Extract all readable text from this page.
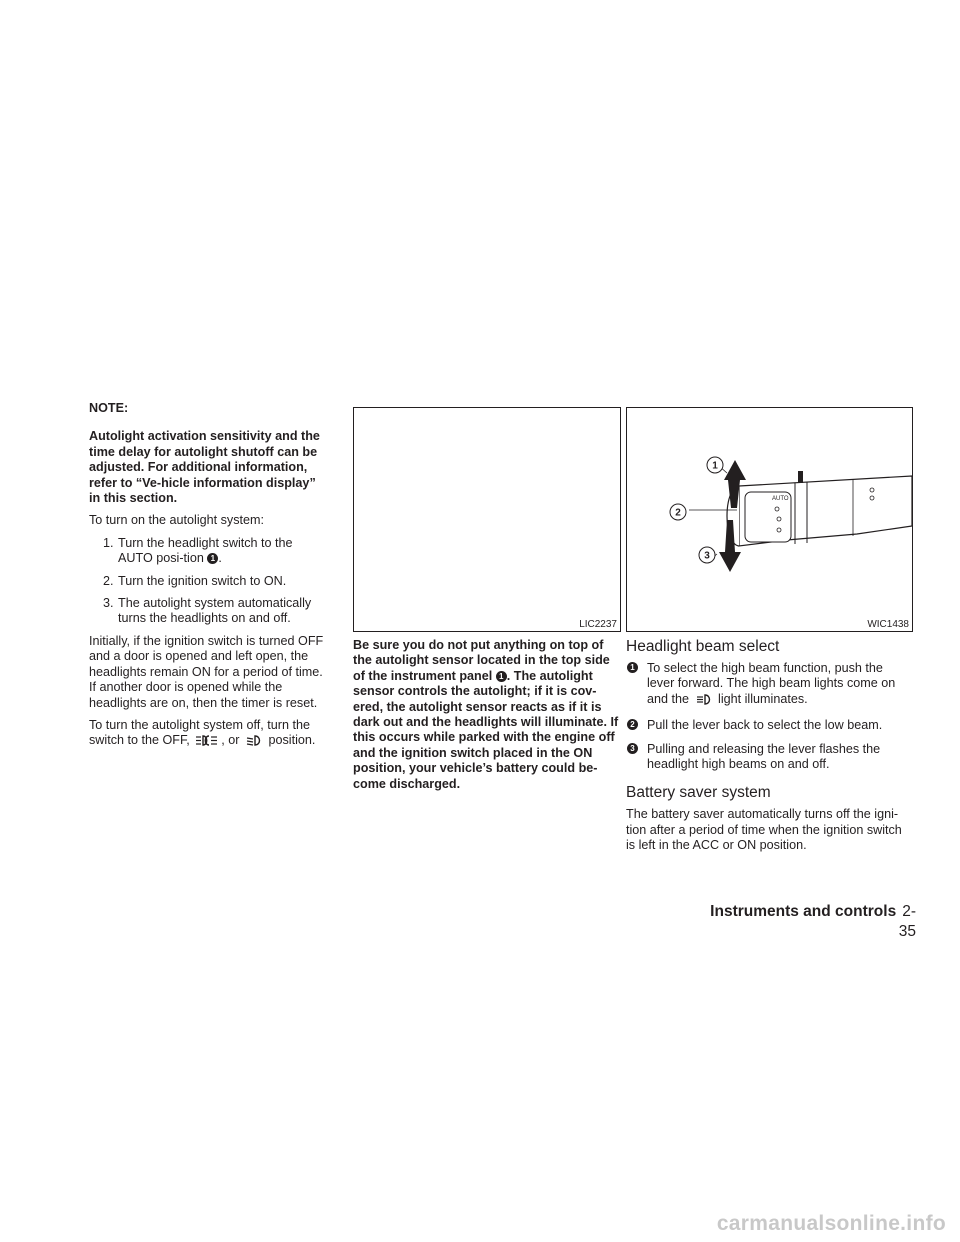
NOTE:

Autolight activation sensitivity and the time delay for autolight shutoff can be adjusted. For additional information, refer to “Ve-hicle information display” in this section.

To turn on the autolight system:

1. Turn the headlight switch to the AUTO posi-tion 1 .
2. Turn the ignition switch to ON.
3. The autolight system automatically turns the headlights on and off.

Initially, if the ignition switch is turned OFF and a door is opened and left open, the headlights remain ON for a period of time. If another door is opened while the headlights are on, then the timer is reset.

To turn the autolight system off, turn the switch to the OFF,	, or position.

LIC2237

Be sure you do not put anything on top of the autolight sensor located in the top side of the instrument panel 1 . The autolight sensor controls the autolight; if it is cov-ered, the autolight sensor reacts as if it is dark out and the headlights will illuminate. If this occurs while parked with the engine off and the ignition switch placed in the ON position, your vehicle’s battery could be-come discharged.

AUTO
1
2
3
WIC1438
Headlight beam select
1 To select the high beam function, push the lever forward. The high beam lights come on and the light illuminates.
2 Pull the lever back to select the low beam.
3 Pulling and releasing the lever flashes the headlight high beams on and off.
Battery saver system

The battery saver automatically turns off the igni-tion after a period of time when the ignition switch is left in the ACC or ON position.

Instruments and controls 2-35
carmanualsonline.info
